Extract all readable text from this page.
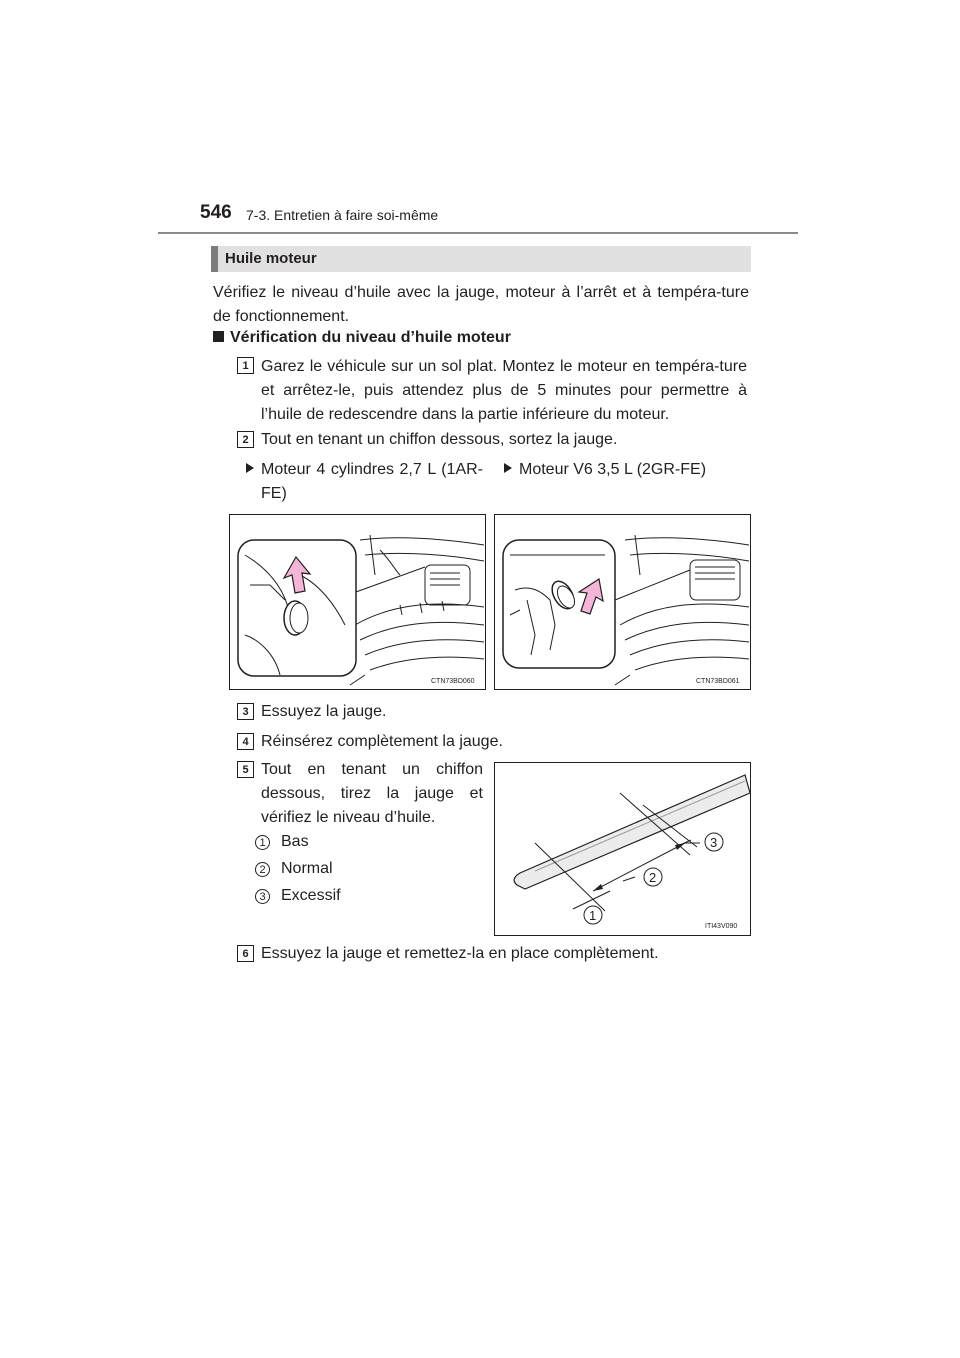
546 7-3. Entretien à faire soi-même
Huile moteur
Vérifiez le niveau d’huile avec la jauge, moteur à l’arrêt et à tempéra-ture de fonctionnement.
Vérification du niveau d’huile moteur
1 Garez le véhicule sur un sol plat. Montez le moteur en tempéra-ture et arrêtez-le, puis attendez plus de 5 minutes pour permettre à l’huile de redescendre dans la partie inférieure du moteur.
2 Tout en tenant un chiffon dessous, sortez la jauge.
Moteur 4 cylindres 2,7 L (1AR-FE)
Moteur V6 3,5 L (2GR-FE)
CTN73BD060	CTN73BD061
3 Essuyez la jauge.
4 Réinsérez complètement la jauge.
5 Tout en tenant un chiffon dessous, tirez la jauge et vérifiez le niveau d’huile.
1 Bas
2 Normal
3 Excessif
1
2
3
ITI43V090
6 Essuyez la jauge et remettez-la en place complètement.
